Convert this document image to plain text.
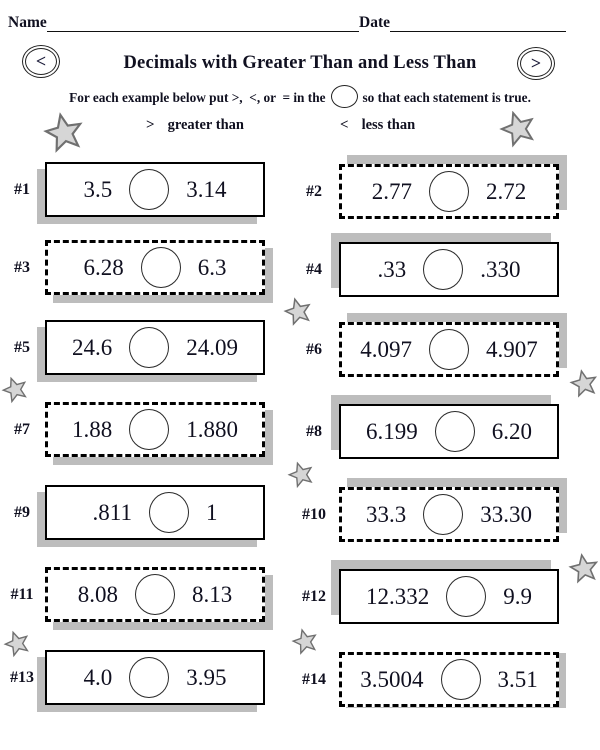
Name	Date
<	Decimals with Greater Than and Less Than	>
For each example below put >,  <, or  = in the	so that each statement is true.
> greater than	< less than
#1	3.5	3.14	#2	2.77	2.72
#3	6.28	6.3	#4	.33	.330
#5	24.6	24.09	#6	4.097	4.907
#7	1.88	1.880	#8	6.199	6.20
#9	.811	1	#10	33.3	33.30
#11	8.08	8.13	#12	12.332	9.9
#13	4.0	3.95	#14	3.5004	3.51
